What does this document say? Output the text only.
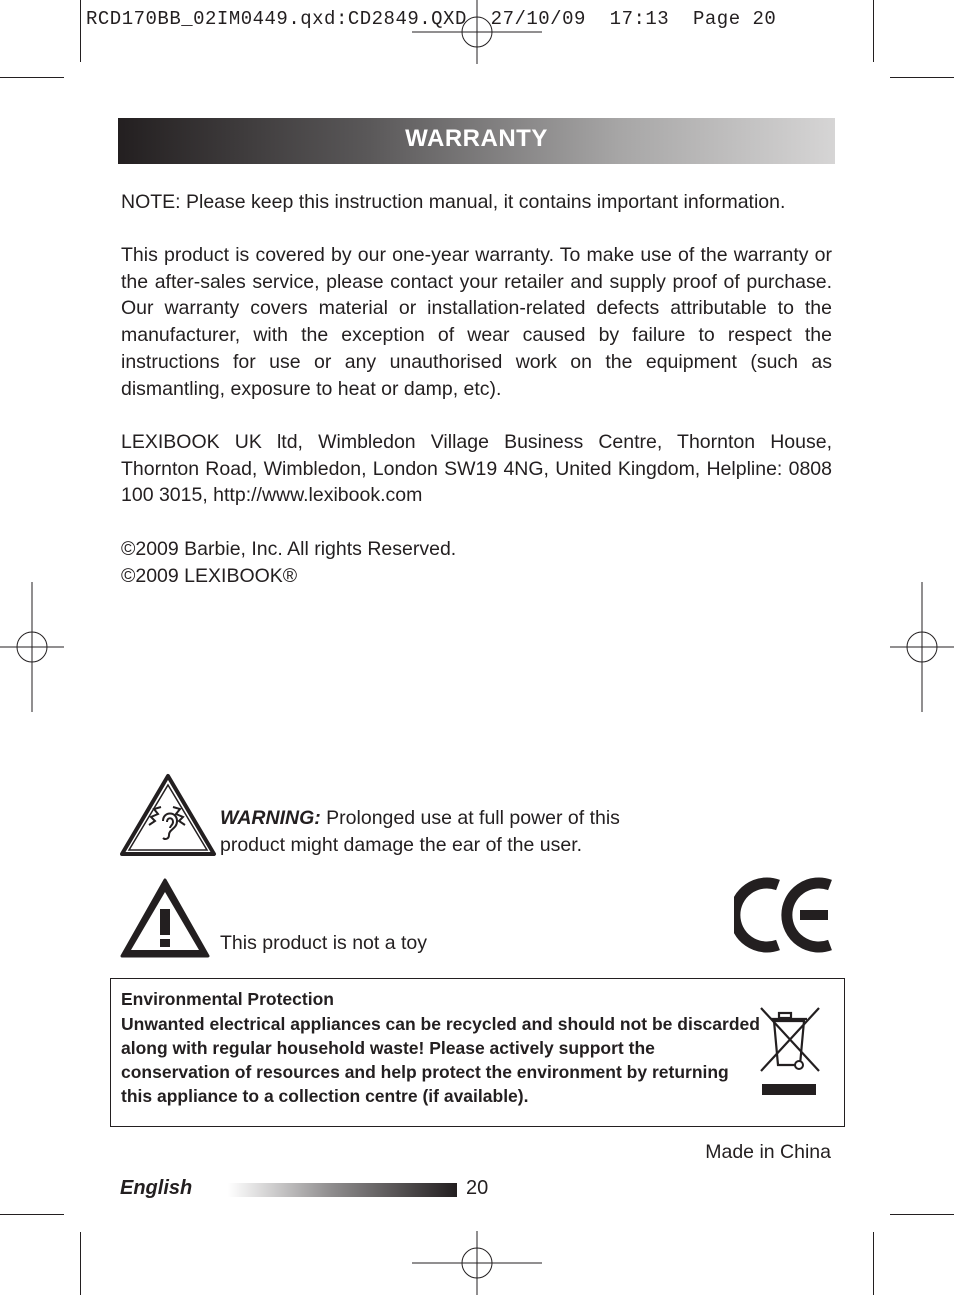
RCD170BB_02IM0449.qxd:CD2849.QXD  27/10/09  17:13  Page 20
WARRANTY
NOTE: Please keep this instruction manual, it contains important information.
This product is covered by our one-year warranty. To make use of the warranty or the after-sales service, please contact your retailer and supply proof of purchase. Our warranty covers material or installation-related defects attributable to the manufacturer, with the exception of wear caused by failure to respect the instructions for use or any unauthorised work on the equipment (such as dismantling, exposure to heat or damp, etc).
LEXIBOOK UK ltd, Wimbledon Village Business Centre, Thornton House, Thornton Road, Wimbledon, London SW19 4NG, United Kingdom, Helpline: 0808 100 3015, http://www.lexibook.com
©2009 Barbie, Inc. All rights Reserved.
©2009 LEXIBOOK®
WARNING: Prolonged use at full power of this product might damage the ear of the user.
This product is not a toy
Environmental Protection
Unwanted electrical appliances can be recycled and should not be discarded along with regular household waste! Please actively support the conservation of resources and help protect the environment by returning this appliance to a collection centre (if available).
Made in China
English	20
